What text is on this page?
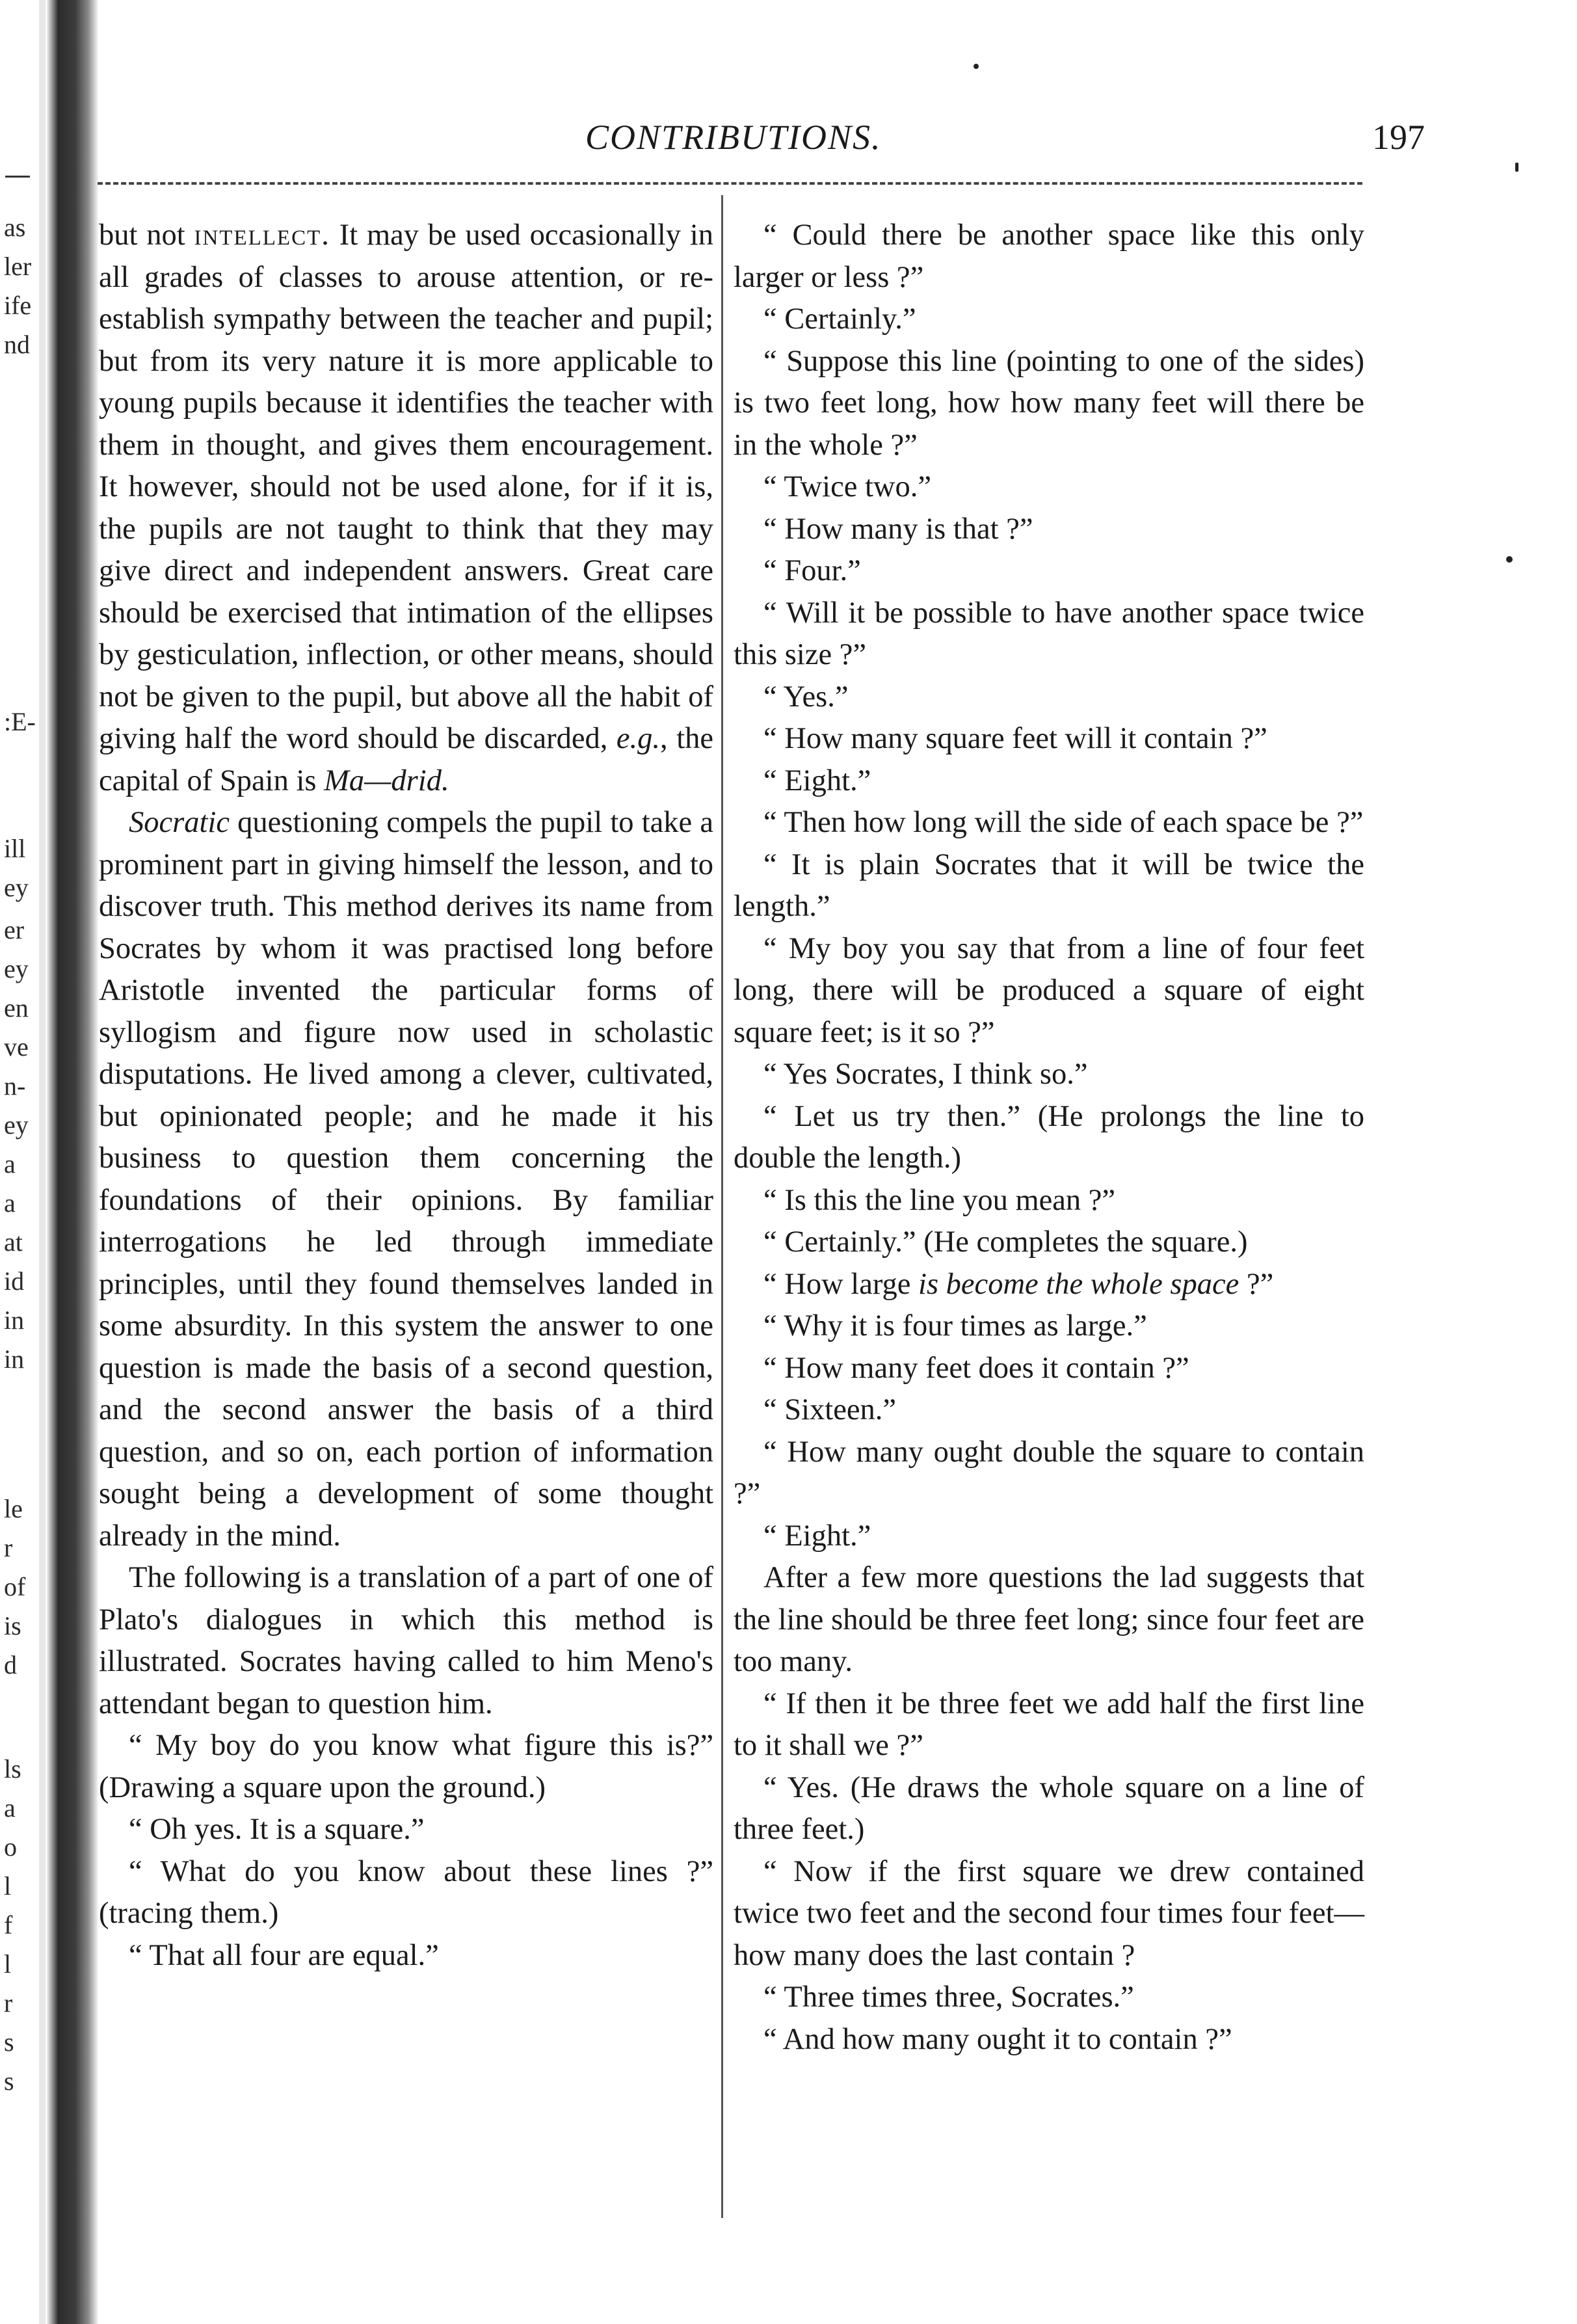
as
ler
ife
nd
:E-
ill
ey
er
ey
en
ve
n-
ey
a
a
at
id
in
in
le
r
of
is
d
ls
a
o
l
f
l
r
s
s
CONTRIBUTIONS.	197

but not intellect. It may be used occasionally in all grades of classes to arouse attention, or re-establish sympathy between the teacher and pupil; but from its very nature it is more applicable to young pupils because it identifies the teacher with them in thought, and gives them encouragement. It however, should not be used alone, for if it is, the pupils are not taught to think that they may give direct and independent answers. Great care should be exercised that intimation of the ellipses by gesticulation, inflection, or other means, should not be given to the pupil, but above all the habit of giving half the word should be discarded, e.g., the capital of Spain is Ma—drid.

Socratic questioning compels the pupil to take a prominent part in giving himself the lesson, and to discover truth. This method derives its name from Socrates by whom it was practised long before Aristotle invented the particular forms of syllogism and figure now used in scholastic disputations. He lived among a clever, cultivated, but opinionated people; and he made it his business to question them concerning the foundations of their opinions. By familiar interrogations he led through immediate principles, until they found themselves landed in some absurdity. In this system the answer to one question is made the basis of a second question, and the second answer the basis of a third question, and so on, each portion of information sought being a development of some thought already in the mind.

The following is a translation of a part of one of Plato's dialogues in which this method is illustrated. Socrates having called to him Meno's attendant began to question him.

“ My boy do you know what figure this is?” (Drawing a square upon the ground.)

“ Oh yes. It is a square.”

“ What do you know about these lines ?” (tracing them.)

“ That all four are equal.”

“ Could there be another space like this only larger or less ?”

“ Certainly.”

“ Suppose this line (pointing to one of the sides) is two feet long, how how many feet will there be in the whole ?”

“ Twice two.”

“ How many is that ?”

“ Four.”

“ Will it be possible to have another space twice this size ?”

“ Yes.”

“ How many square feet will it contain ?”

“ Eight.”

“ Then how long will the side of each space be ?”

“ It is plain Socrates that it will be twice the length.”

“ My boy you say that from a line of four feet long, there will be produced a square of eight square feet; is it so ?”

“ Yes Socrates, I think so.”

“ Let us try then.” (He prolongs the line to double the length.)

“ Is this the line you mean ?”

“ Certainly.” (He completes the square.)

“ How large is become the whole space ?”

“ Why it is four times as large.”

“ How many feet does it contain ?”

“ Sixteen.”

“ How many ought double the square to contain ?”

“ Eight.”

After a few more questions the lad suggests that the line should be three feet long; since four feet are too many.

“ If then it be three feet we add half the first line to it shall we ?”

“ Yes. (He draws the whole square on a line of three feet.)

“ Now if the first square we drew contained twice two feet and the second four times four feet—how many does the last contain ?

“ Three times three, Socrates.”

“ And how many ought it to contain ?”
